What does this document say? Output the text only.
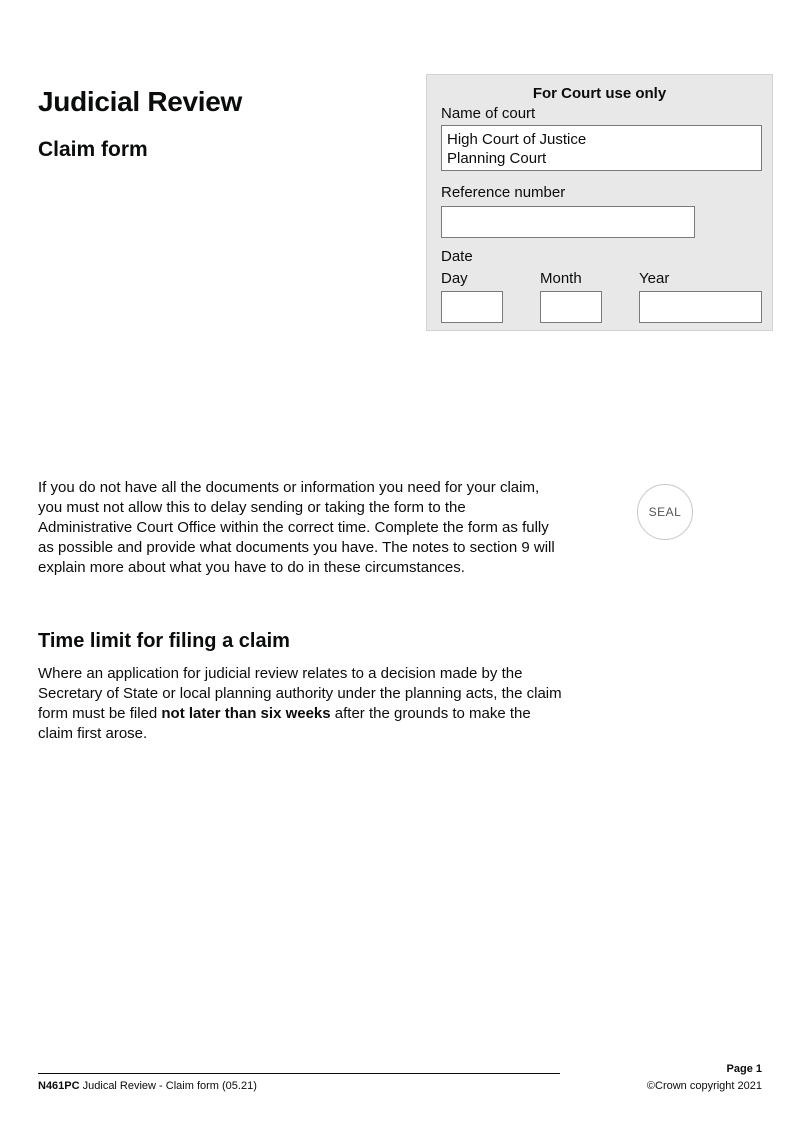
Judicial Review
Claim form
For Court use only
Name of court
High Court of Justice
Planning Court
Reference number
Date
Day	Month	Year
SEAL

If you do not have all the documents or information you need for your claim, you must not allow this to delay sending or taking the form to the Administrative Court Office within the correct time. Complete the form as fully as possible and provide what documents you have. The notes to section 9 will explain more about what you have to do in these circumstances.

Time limit for filing a claim

Where an application for judicial review relates to a decision made by the Secretary of State or local planning authority under the planning acts, the claim form must be filed not later than six weeks after the grounds to make the claim first arose.

N461PC Judical Review - Claim form (05.21)
Page 1
©Crown copyright 2021
